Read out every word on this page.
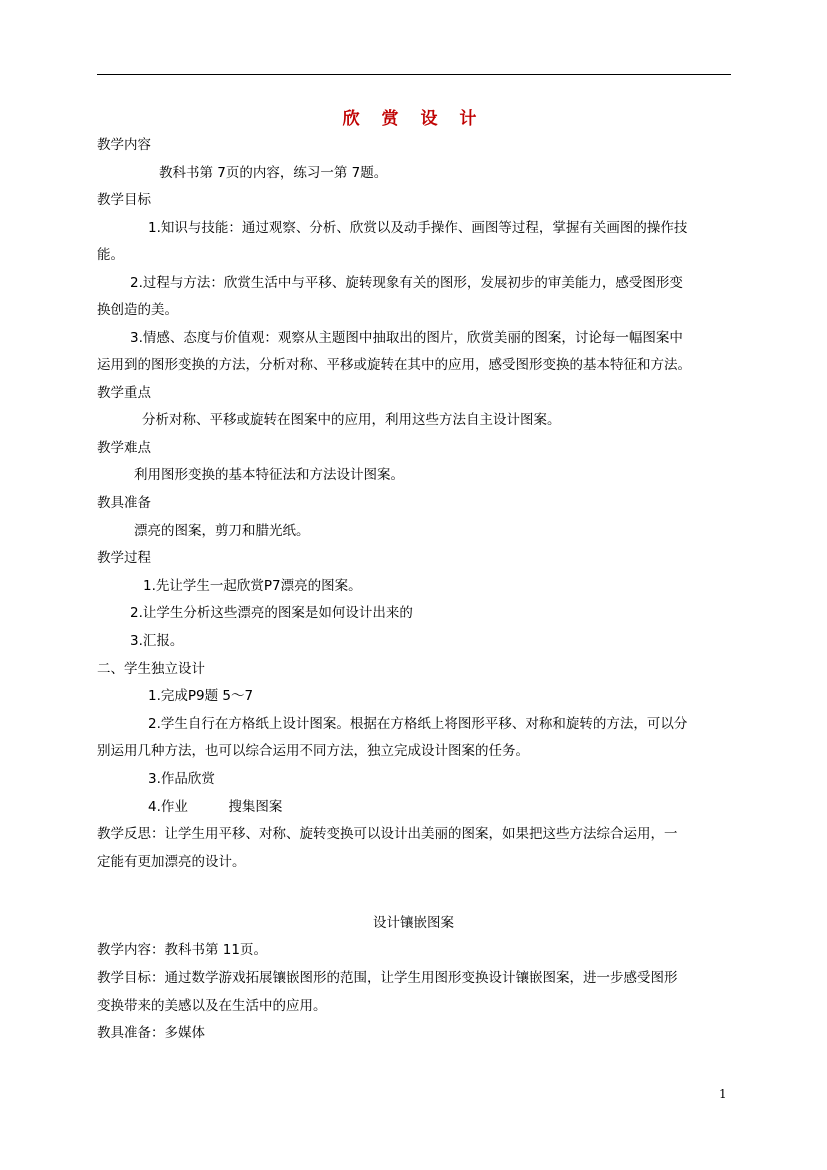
欣 赏 设 计
教学内容
教科书第 7页的内容，练习一第 7题。
教学目标
1.知识与技能：通过观察、分析、欣赏以及动手操作、画图等过程，掌握有关画图的操作技
能。
2.过程与方法：欣赏生活中与平移、旋转现象有关的图形，发展初步的审美能力，感受图形变
换创造的美。
3.情感、态度与价值观：观察从主题图中抽取出的图片，欣赏美丽的图案，讨论每一幅图案中
运用到的图形变换的方法，分析对称、平移或旋转在其中的应用，感受图形变换的基本特征和方法。
教学重点
分析对称、平移或旋转在图案中的应用，利用这些方法自主设计图案。
教学难点
利用图形变换的基本特征法和方法设计图案。
教具准备
漂亮的图案，剪刀和腊光纸。
教学过程
1.先让学生一起欣赏P7漂亮的图案。
2.让学生分析这些漂亮的图案是如何设计出来的
3.汇报。
二、学生独立设计
1.完成P9题 5～7
2.学生自行在方格纸上设计图案。根据在方格纸上将图形平移、对称和旋转的方法，可以分
别运用几种方法，也可以综合运用不同方法，独立完成设计图案的任务。
3.作品欣赏
4.作业　　　搜集图案
教学反思：让学生用平移、对称、旋转变换可以设计出美丽的图案，如果把这些方法综合运用，一
定能有更加漂亮的设计。
设计镶嵌图案
教学内容：教科书第 11页。
教学目标：通过数学游戏拓展镶嵌图形的范围，让学生用图形变换设计镶嵌图案，进一步感受图形
变换带来的美感以及在生活中的应用。
教具准备：多媒体
1
